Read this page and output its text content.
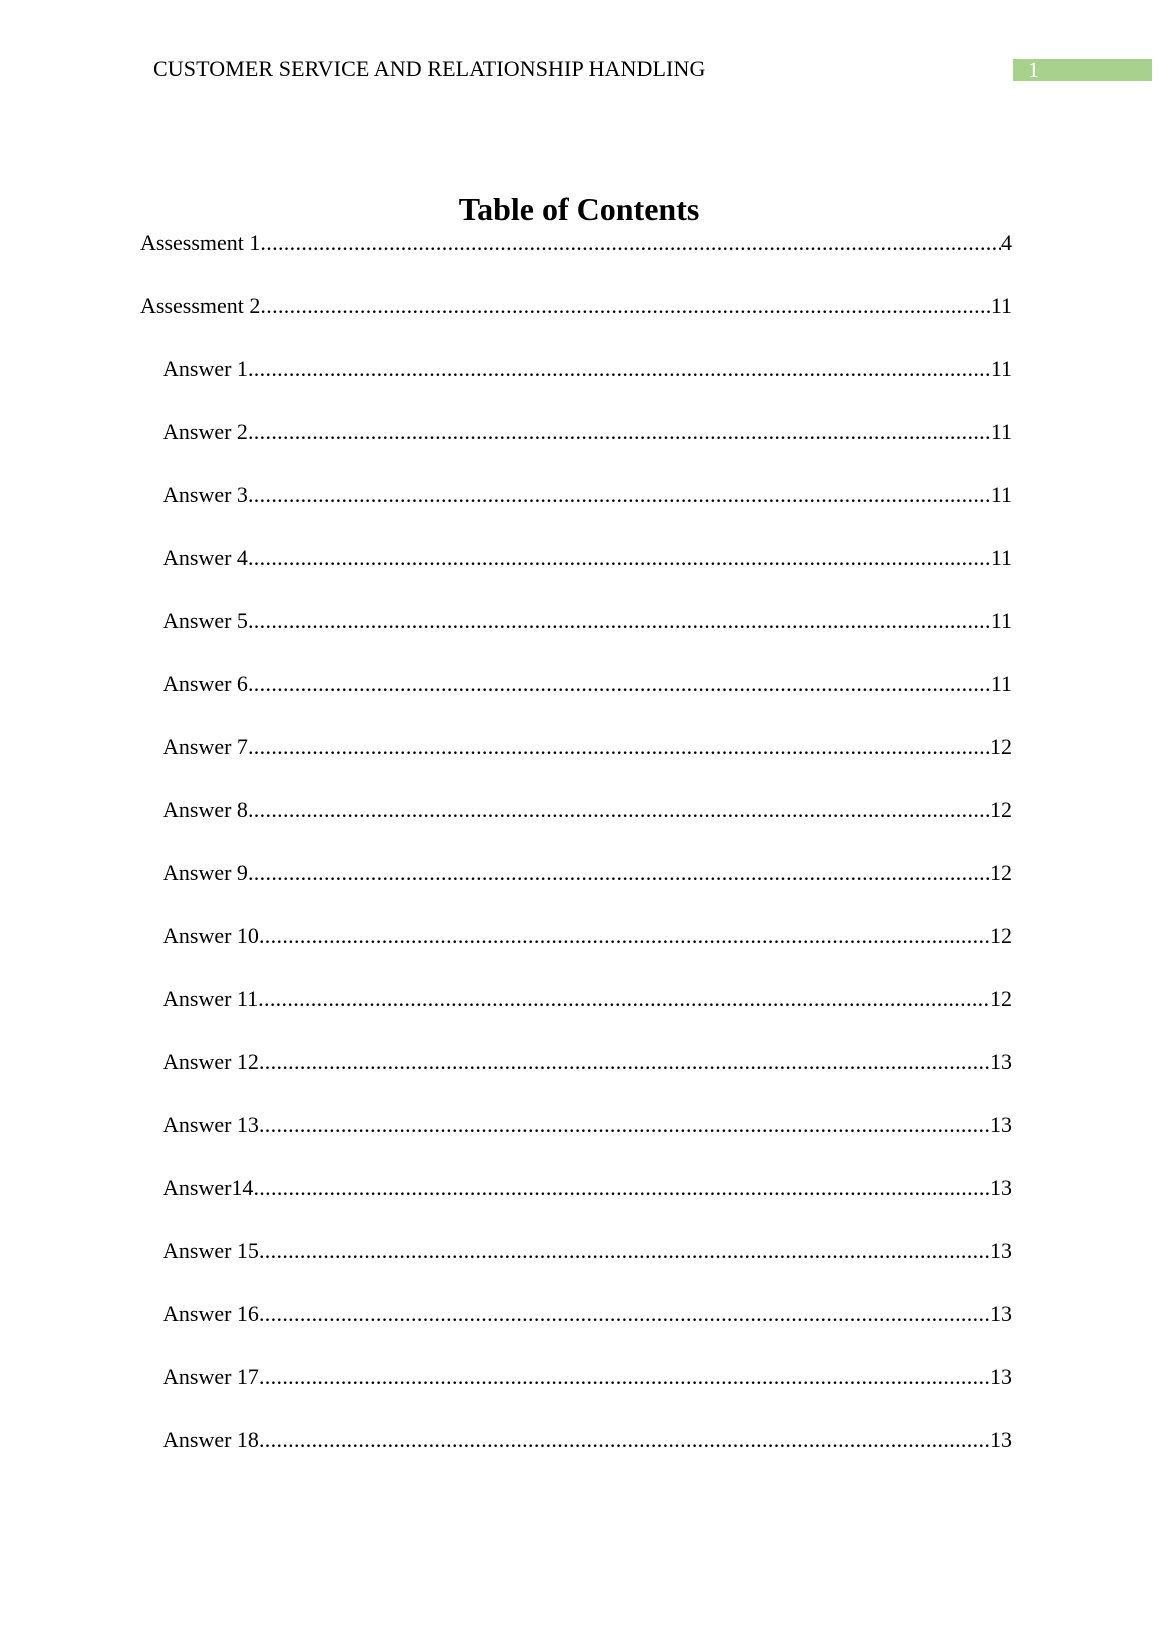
CUSTOMER SERVICE AND RELATIONSHIP HANDLING	1
Table of Contents
Assessment 1 .....	4
Assessment 2 .....	11
Answer 1 .....	11
Answer 2 .....	11
Answer 3 .....	11
Answer 4 .....	11
Answer 5 .....	11
Answer 6 .....	11
Answer 7 .....	12
Answer 8 .....	12
Answer 9 .....	12
Answer 10 .....	12
Answer 11 .....	12
Answer 12 .....	13
Answer 13 .....	13
Answer14 .....	13
Answer 15 .....	13
Answer 16 .....	13
Answer 17 .....	13
Answer 18 .....	13
